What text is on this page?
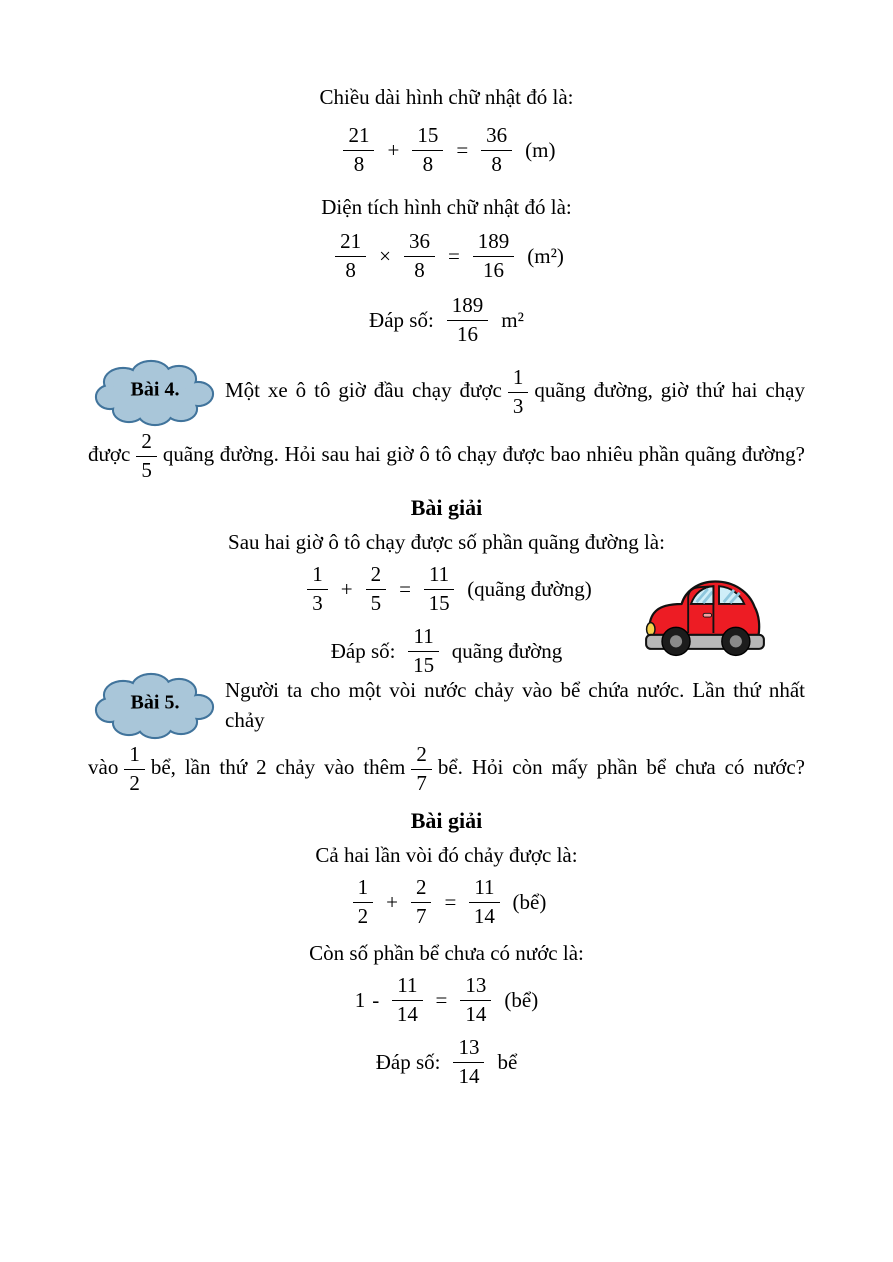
Chiều dài hình chữ nhật đó là:
$\frac{21}{8} + \frac{15}{8} = \frac{36}{8} (m)$
Diện tích hình chữ nhật đó là:
$\frac{21}{8} \times \frac{36}{8} = \frac{189}{16} (m^2)$
Đáp số: $\frac{189}{16} m^2$
Bài 4.	Một xe ô tô giờ đầu chạy được $\frac{1}{3}$ quãng đường, giờ thứ hai chạy
được $\frac{2}{5}$ quãng đường. Hỏi sau hai giờ ô tô chạy được bao nhiêu phần quãng đường?
Bài giải
Sau hai giờ ô tô chạy được số phần quãng đường là:
$\frac{1}{3} + \frac{2}{5} = \frac{11}{15}$ (quãng đường)
Đáp số: $\frac{11}{15}$ quãng đường
Bài 5.
Người ta cho một vòi nước chảy vào bể chứa nước. Lần thứ nhất chảy
vào $\frac{1}{2}$ bể, lần thứ 2 chảy vào thêm $\frac{2}{7}$ bể. Hỏi còn mấy phần bể chưa có nước?
Bài giải
Cả hai lần vòi đó chảy được là:
$\frac{1}{2} + \frac{2}{7} = \frac{11}{14}$ (bể)
Còn số phần bể chưa có nước là:
$1 - \frac{11}{14} = \frac{13}{14}$ (bể)
Đáp số: $\frac{13}{14}$ bể
